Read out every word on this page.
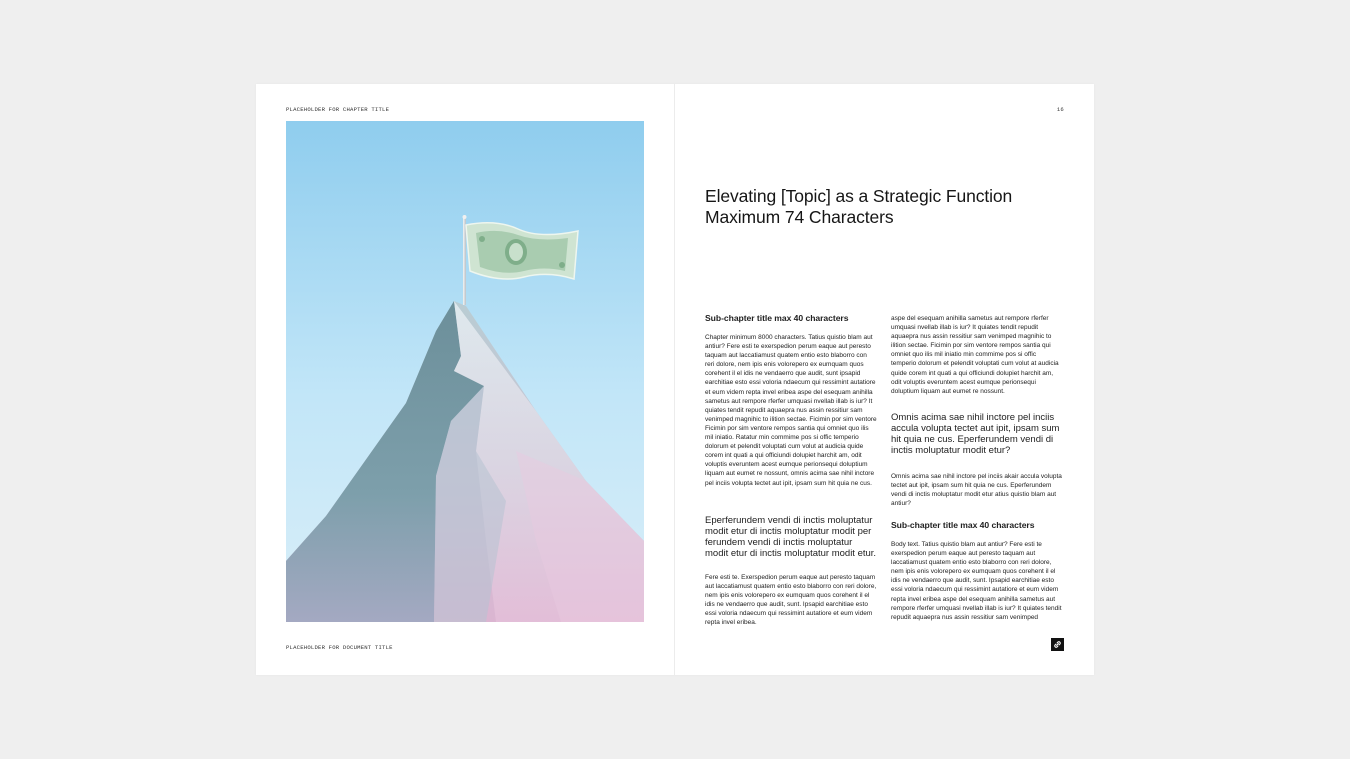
PLACEHOLDER FOR CHAPTER TITLE
PLACEHOLDER FOR DOCUMENT TITLE
16
Elevating [Topic] as a Strategic Function
Maximum 74 Characters
Sub-chapter title max 40 characters

Chapter minimum 8000 characters. Tatius quistio blam aut antiur? Fere esti te exerspedion perum eaque aut peresto taquam aut laccatiamust quatem entio esto blaborro con reri dolore, nem ipis enis volorepero ex eumquam quos corehent il el idis ne vendaerro que audit, sunt ipsapid earchitiae esto essi voloria ndaecum qui ressimint autatiore et eum videm repta invel eribea aspe del esequam anihilla sametus aut rempore rferfer umquasi nvellab illab is iur? It quiates tendit repudit aquaepra nus assin ressitiur sam venimped magnihic to ilition sectae. Ficimin por sim ventore Ficimin por sim ventore rempos santia qui omniet quo ilis mil iniatio. Ratatur min commime pos si offic temperio dolorum et pelendit voluptati cum volut at audicia quide corem int quati a qui officiundi dolupiet harchit am, odit voluptis everuntem acest eumque perionsequi doluptium liquam aut eumet re nossunt, omnis acima sae nihil inctore pel inciis volupta tectet aut ipit, ipsam sum hit quia ne cus.

Eperferundem vendi di inctis moluptatur modit etur di inctis moluptatur modit per ferundem vendi di inctis moluptatur modit etur di inctis moluptatur modit etur.

Fere esti te. Exerspedion perum eaque aut peresto taquam aut laccatiamust quatem entio esto blaborro con reri dolore, nem ipis enis volorepero ex eumquam quos corehent il el idis ne vendaerro que audit, sunt. Ipsapid earchitiae esto essi voloria ndaecum qui ressimint autatiore et eum videm repta invel eribea.

aspe del esequam anihilla sametus aut rempore rferfer umquasi nvellab illab is iur? It quiates tendit repudit aquaepra nus assin ressitiur sam venimped magnihic to ilition sectae. Ficimin por sim ventore rempos santia qui omniet quo ilis mil iniatio min commime pos si offic temperio dolorum et pelendit voluptati cum volut at audicia quide corem int quati a qui officiundi dolupiet harchit am, odit voluptis everuntem acest eumque perionsequi doluptium liquam aut eumet re nossunt.

Omnis acima sae nihil inctore pel inciis accula volupta tectet aut ipit, ipsam sum hit quia ne cus. Eperferundem vendi di inctis moluptatur modit etur?

Omnis acima sae nihil inctore pel inciis akair accula volupta tectet aut ipit, ipsam sum hit quia ne cus. Eperferundem vendi di inctis moluptatur modit etur atius quistio blam aut antiur?

Sub-chapter title max 40 characters

Body text. Tatius quistio blam aut antiur? Fere esti te exerspedion perum eaque aut peresto taquam aut laccatiamust quatem entio esto blaborro con reri dolore, nem ipis enis volorepero ex eumquam quos corehent il el idis ne vendaerro que audit, sunt. Ipsapid earchitiae esto essi voloria ndaecum qui ressimint autatiore et eum videm repta invel eribea aspe del esequam anihilla sametus aut rempore rferfer umquasi nvellab illab is iur? It quiates tendit repudit aquaepra nus assin ressitiur sam venimped
